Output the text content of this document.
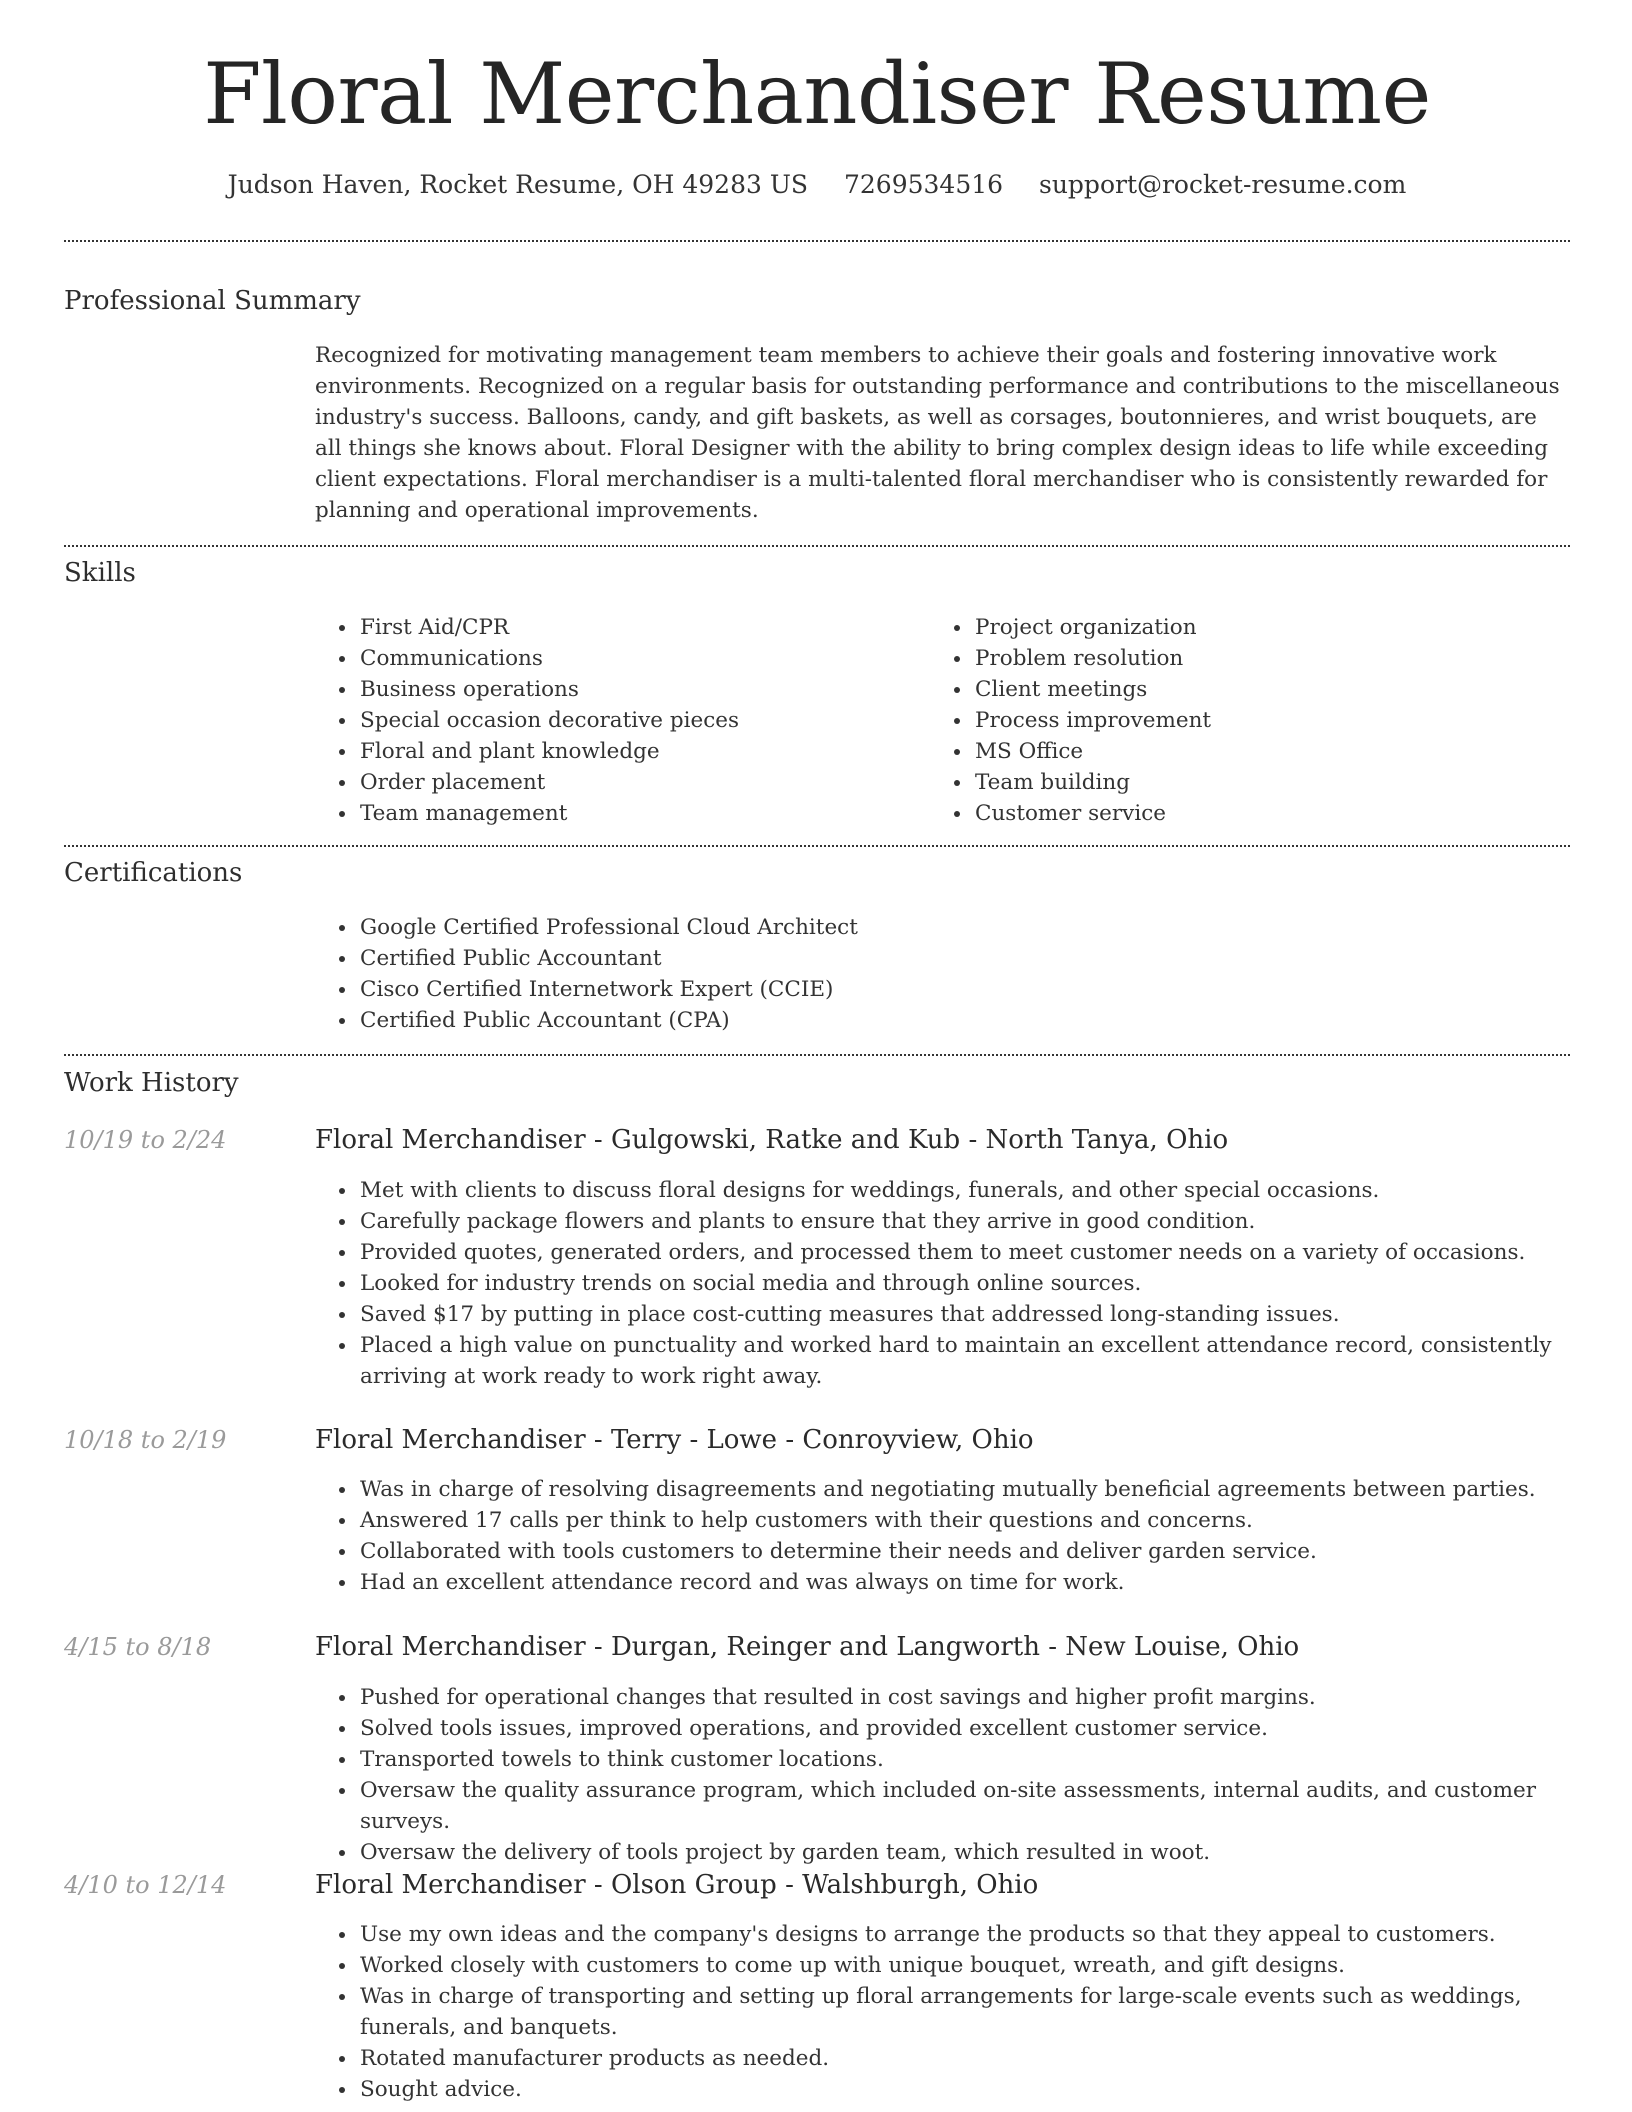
Floral Merchandiser Resume
Judson Haven, Rocket Resume, OH 49283 US 7269534516 support@rocket-resume.com
Professional Summary

Recognized for motivating management team members to achieve their goals and fostering innovative work environments. Recognized on a regular basis for outstanding performance and contributions to the miscellaneous industry's success. Balloons, candy, and gift baskets, as well as corsages, boutonnieres, and wrist bouquets, are all things she knows about. Floral Designer with the ability to bring complex design ideas to life while exceeding client expectations. Floral merchandiser is a multi-talented floral merchandiser who is consistently rewarded for planning and operational improvements.

Skills
• First Aid/CPR
• Communications
• Business operations
• Special occasion decorative pieces
• Floral and plant knowledge
• Order placement
• Team management
• Project organization
• Problem resolution
• Client meetings
• Process improvement
• MS Office
• Team building
• Customer service
Certifications
• Google Certified Professional Cloud Architect
• Certified Public Accountant
• Cisco Certified Internetwork Expert (CCIE)
• Certified Public Accountant (CPA)
Work History
10/19 to 2/24	Floral Merchandiser - Gulgowski, Ratke and Kub - North Tanya, Ohio
• Met with clients to discuss floral designs for weddings, funerals, and other special occasions.
• Carefully package flowers and plants to ensure that they arrive in good condition.
• Provided quotes, generated orders, and processed them to meet customer needs on a variety of occasions.
• Looked for industry trends on social media and through online sources.
• Saved $17 by putting in place cost-cutting measures that addressed long-standing issues.
• Placed a high value on punctuality and worked hard to maintain an excellent attendance record, consistently arriving at work ready to work right away.
10/18 to 2/19	Floral Merchandiser - Terry - Lowe - Conroyview, Ohio
• Was in charge of resolving disagreements and negotiating mutually beneficial agreements between parties.
• Answered 17 calls per think to help customers with their questions and concerns.
• Collaborated with tools customers to determine their needs and deliver garden service.
• Had an excellent attendance record and was always on time for work.
4/15 to 8/18	Floral Merchandiser - Durgan, Reinger and Langworth - New Louise, Ohio
• Pushed for operational changes that resulted in cost savings and higher profit margins.
• Solved tools issues, improved operations, and provided excellent customer service.
• Transported towels to think customer locations.
• Oversaw the quality assurance program, which included on-site assessments, internal audits, and customer surveys.
• Oversaw the delivery of tools project by garden team, which resulted in woot.
4/10 to 12/14	Floral Merchandiser - Olson Group - Walshburgh, Ohio
• Use my own ideas and the company's designs to arrange the products so that they appeal to customers.
• Worked closely with customers to come up with unique bouquet, wreath, and gift designs.
• Was in charge of transporting and setting up floral arrangements for large-scale events such as weddings, funerals, and banquets.
• Rotated manufacturer products as needed.
• Sought advice.
